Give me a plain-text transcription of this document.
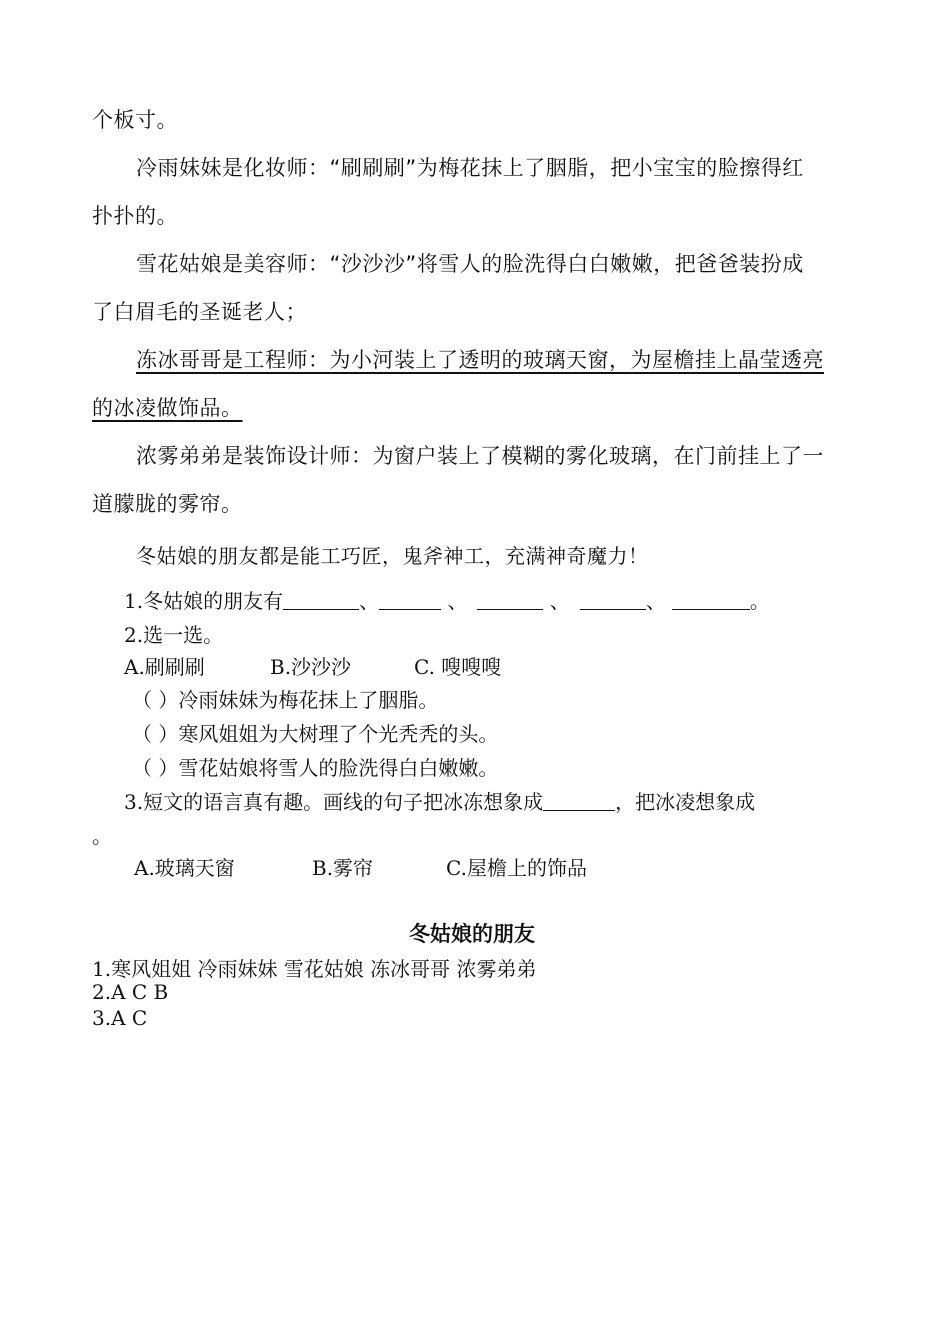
个板寸。
冷雨妹妹是化妆师：“刷刷刷”为梅花抹上了胭脂，把小宝宝的脸擦得红
扑扑的。
雪花姑娘是美容师：“沙沙沙”将雪人的脸洗得白白嫩嫩，把爸爸装扮成
了白眉毛的圣诞老人；
冻冰哥哥是工程师：为小河装上了透明的玻璃天窗，为屋檐挂上晶莹透亮
的冰凌做饰品。
浓雾弟弟是装饰设计师：为窗户装上了模糊的雾化玻璃，在门前挂上了一
道朦胧的雾帘。
冬姑娘的朋友都是能工巧匠，鬼斧神工，充满神奇魔力！
1.冬姑娘的朋友有	、	、	、	、	。
2.选一选。
A.刷刷刷	B.沙沙沙	C. 嗖嗖嗖
（ ）冷雨妹妹为梅花抹上了胭脂。
（ ）寒风姐姐为大树理了个光秃秃的头。
（ ）雪花姑娘将雪人的脸洗得白白嫩嫩。
3.短文的语言真有趣。画线的句子把冰冻想象成	，把冰凌想象成
。
A.玻璃天窗	B.雾帘	C.屋檐上的饰品
冬姑娘的朋友
1.寒风姐姐 冷雨妹妹 雪花姑娘 冻冰哥哥 浓雾弟弟
2.A C B
3.A C
